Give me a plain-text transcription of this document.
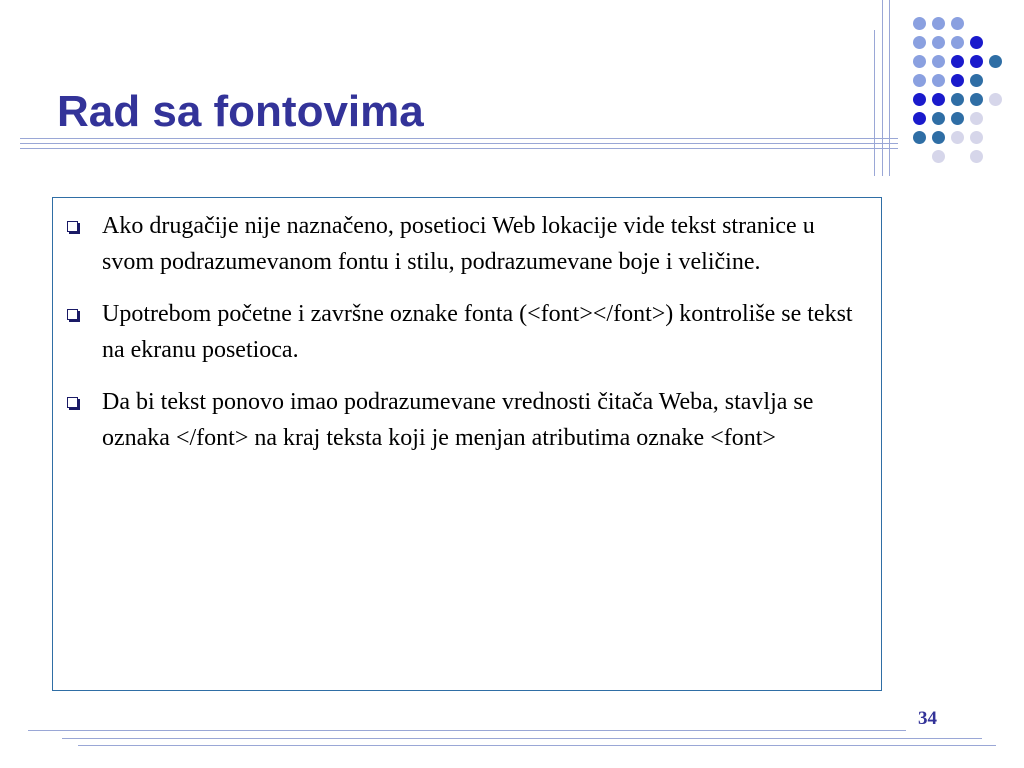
Rad sa fontovima
Ako drugačije nije naznačeno, posetioci Web lokacije vide tekst stranice u svom podrazumevanom fontu i stilu, podrazumevane boje i veličine.
Upotrebom početne i završne oznake fonta (<font></font>) kontroliše se tekst na ekranu posetioca.
Da bi tekst ponovo imao podrazumevane vrednosti čitača Weba, stavlja se oznaka </font> na kraj teksta koji je menjan atributima oznake <font>
34
